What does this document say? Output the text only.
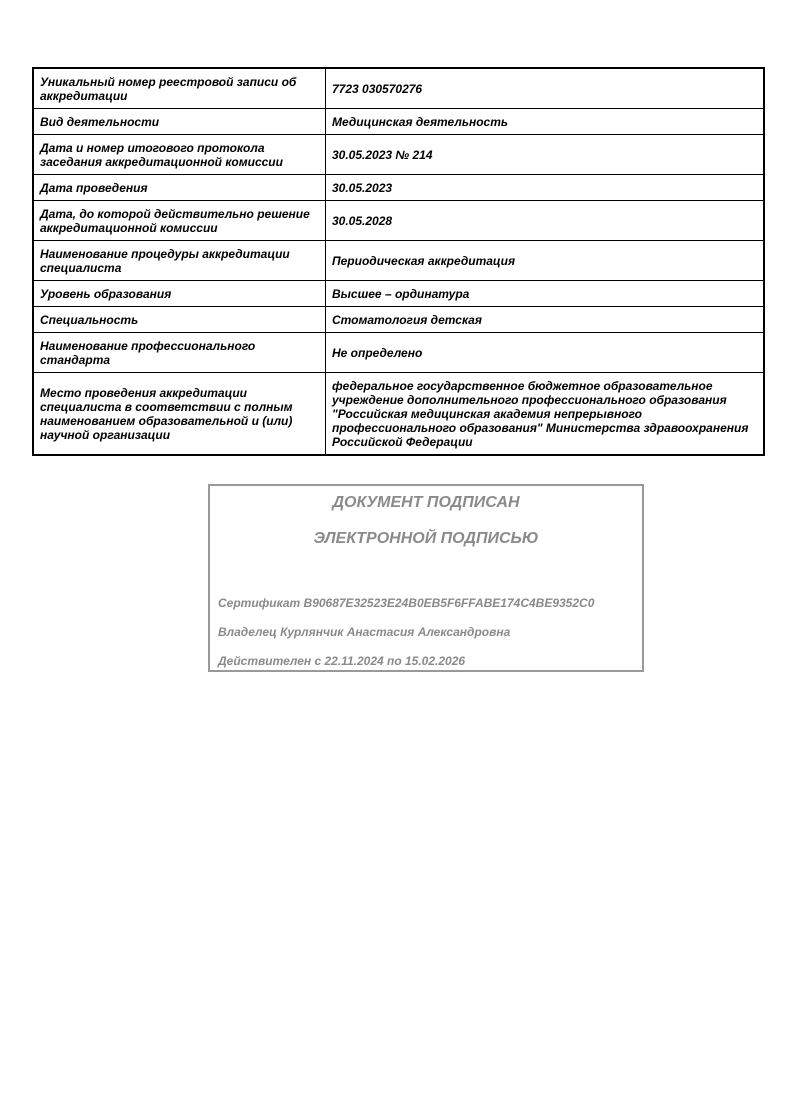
Уникальный номер реестровой записи об аккредитации	7723 030570276
Вид деятельности	Медицинская деятельность
Дата и номер итогового протокола заседания аккредитационной комиссии	30.05.2023 № 214
Дата проведения	30.05.2023
Дата, до которой действительно решение аккредитационной комиссии	30.05.2028
Наименование процедуры аккредитации специалиста	Периодическая аккредитация
Уровень образования	Высшее – ординатура
Специальность	Стоматология детская
Наименование профессионального стандарта	Не определено
Место проведения аккредитации специалиста в соответствии с полным наименованием образовательной и (или) научной организации	федеральное государственное бюджетное образовательное учреждение дополнительного профессионального образования "Российская медицинская академия непрерывного профессионального образования" Министерства здравоохранения Российской Федерации
ДОКУМЕНТ ПОДПИСАН
ЭЛЕКТРОННОЙ ПОДПИСЬЮ
Сертификат B90687E32523E24B0EB5F6FFABE174C4BE9352C0
Владелец Курлянчик Анастасия Александровна
Действителен с 22.11.2024 по 15.02.2026
